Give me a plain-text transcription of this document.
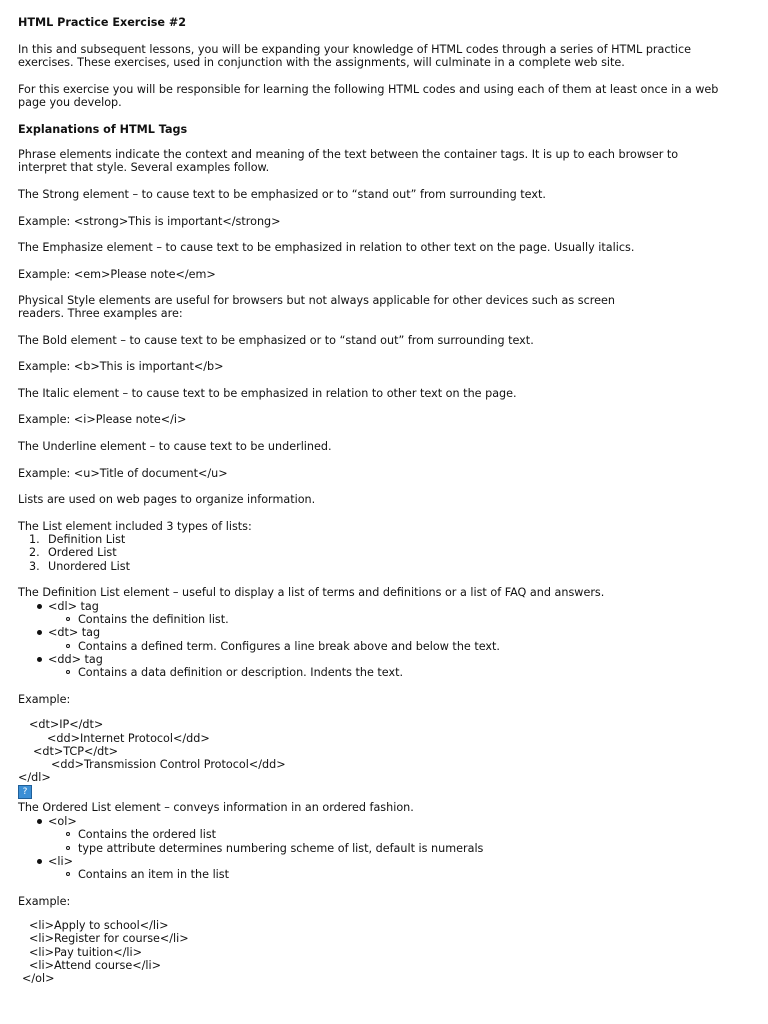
HTML Practice Exercise #2
In this and subsequent lessons, you will be expanding your knowledge of HTML codes through a series of HTML practice exercises. These exercises, used in conjunction with the assignments, will culminate in a complete web site.
For this exercise you will be responsible for learning the following HTML codes and using each of them at least once in a web page you develop.
Explanations of HTML Tags
Phrase elements indicate the context and meaning of the text between the container tags. It is up to each browser to
interpret that style. Several examples follow.
The Strong element – to cause text to be emphasized or to “stand out” from surrounding text.
Example: <strong>This is important</strong>
The Emphasize element – to cause text to be emphasized in relation to other text on the page. Usually italics.
Example: <em>Please note</em>
Physical Style elements are useful for browsers but not always applicable for other devices such as screen
readers. Three examples are:
The Bold element – to cause text to be emphasized or to “stand out” from surrounding text.
Example: <b>This is important</b>
The Italic element – to cause text to be emphasized in relation to other text on the page.
Example: <i>Please note</i>
The Underline element – to cause text to be underlined.
Example: <u>Title of document</u>
Lists are used on web pages to organize information.
The List element included 3 types of lists:
1. Definition List
2. Ordered List
3. Unordered List
The Definition List element – useful to display a list of terms and definitions or a list of FAQ and answers.
<dl> tag
Contains the definition list.
<dt> tag
Contains a defined term. Configures a line break above and below the text.
<dd> tag
Contains a data definition or description. Indents the text.
Example:
<dt>IP</dt>
<dd>Internet Protocol</dd>
<dt>TCP</dt>
<dd>Transmission Control Protocol</dd>
</dl>
?
The Ordered List element – conveys information in an ordered fashion.
<ol>
Contains the ordered list
type attribute determines numbering scheme of list, default is numerals
<li>
Contains an item in the list
Example:
<li>Apply to school</li>
<li>Register for course</li>
<li>Pay tuition</li>
<li>Attend course</li>
</ol>
